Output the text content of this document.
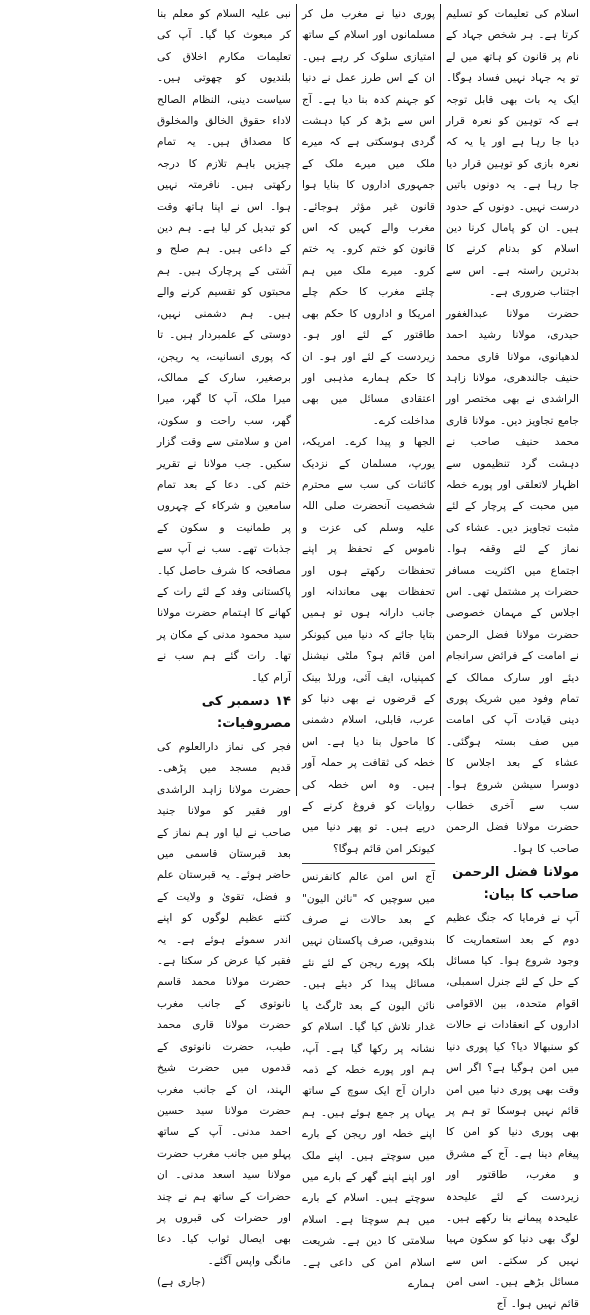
اسلام کی تعلیمات کو تسلیم کرتا ہے۔ ہر شخص جہاد کے نام پر قانون کو ہاتھ میں لے تو یہ جہاد نہیں فساد ہوگا۔ ایک یہ بات بھی قابل توجہ ہے کہ توہین کو نعرہ قرار دیا جا رہا ہے اور یا یہ کہ نعرہ بازی کو توہین قرار دیا جا رہا ہے۔ یہ دونوں باتیں درست نہیں۔ دونوں کے حدود ہیں۔ ان کو پامال کرنا دین اسلام کو بدنام کرنے کا بدترین راستہ ہے۔ اس سے اجتناب ضروری ہے۔

حضرت مولانا عبدالغفور حیدری، مولانا رشید احمد لدھیانوی، مولانا قاری محمد حنیف جالندھری، مولانا زاہد الراشدی نے بھی مختصر اور جامع تجاویز دیں۔ مولانا قاری محمد حنیف صاحب نے دہشت گرد تنظیموں سے اظہار لاتعلقی اور پورے خطہ میں محبت کے پرچار کے لئے مثبت تجاویز دیں۔ عشاء کی نماز کے لئے وقفہ ہوا۔ اجتماع میں اکثریت مسافر حضرات پر مشتمل تھی۔ اس اجلاس کے مہمان خصوصی حضرت مولانا فضل الرحمن نے امامت کے فرائض سرانجام دیئے اور سارک ممالک کے تمام وفود میں شریک پوری دینی قیادت آپ کی امامت میں صف بستہ ہوگئی۔ عشاء کے بعد اجلاس کا دوسرا سیشن شروع ہوا۔ سب سے آخری خطاب حضرت مولانا فضل الرحمن صاحب کا ہوا۔

مولانا فضل الرحمن صاحب کا بیان:

آپ نے فرمایا کہ جنگ عظیم دوم کے بعد استعماریت کا وجود شروع ہوا۔ کیا مسائل کے حل کے لئے جنرل اسمبلی، اقوام متحدہ، بین الاقوامی اداروں کے انعقادات نے حالات کو سنبھالا دیا؟ کیا پوری دنیا میں امن ہوگیا ہے؟ اگر اس وقت بھی پوری دنیا میں امن قائم نہیں ہوسکا تو ہم پر بھی پوری دنیا کو امن کا پیغام دینا ہے۔ آج کے مشرق و مغرب، طاقتور اور زیردست کے لئے علیحدہ علیحدہ پیمانے بنا رکھے ہیں۔ لوگ بھی دنیا کو سکون مہیا نہیں کر سکتے۔ اس سے مسائل بڑھے ہیں۔ اسی امن قائم نہیں ہوا۔ آج

پوری دنیا نے مغرب مل کر مسلمانوں اور اسلام کے ساتھ امتیازی سلوک کر رہے ہیں۔ ان کے اس طرز عمل نے دنیا کو جہنم کدہ بنا دیا ہے۔ آج اس سے بڑھ کر کیا دہشت گردی ہوسکتی ہے کہ میرے ملک میں میرے ملک کے جمہوری اداروں کا بنایا ہوا قانون غیر مؤثر ہوجائے۔ مغرب والے کہیں کہ اس قانون کو ختم کرو۔ یہ ختم کرو۔ میرے ملک میں ہم چلتے مغرب کا حکم چلے امریکا و اداروں کا حکم بھی طاقتور کے لئے اور ہو۔ زیردست کے لئے اور ہو۔ ان کا حکم ہمارے مذہبی اور اعتقادی مسائل میں بھی مداخلت کرے۔

الجھا و پیدا کرے۔ امریکہ، یورپ، مسلمان کے نزدیک کائنات کی سب سے محترم شخصیت آنحضرت صلی اللہ علیہ وسلم کی عزت و ناموس کے تحفظ پر اپنے تحفظات رکھتے ہوں اور تحفظات بھی معاندانہ اور جانب دارانہ ہوں تو ہمیں بتایا جائے کہ دنیا میں کیونکر امن قائم ہو؟ ملٹی نیشنل کمپنیاں، ایف آئی، ورلڈ بینک کے قرضوں نے بھی دنیا کو عرب، قابلی، اسلام دشمنی کا ماحول بنا دیا ہے۔ اس خطہ کی ثقافت پر حملہ آور ہیں۔ وہ اس خطہ کی روایات کو فروغ کرنے کے درپے ہیں۔ تو پھر دنیا میں کیونکر امن قائم ہوگا؟

آج اس امن عالم کانفرنس میں سوچیں کہ "نائن الیون" کے بعد حالات نے صرف بندوقیں، صرف پاکستان نہیں بلکہ پورے ریجن کے لئے نئے مسائل پیدا کر دیئے ہیں۔ نائن الیون کے بعد ٹارگٹ یا غدار تلاش کیا گیا۔ اسلام کو نشانہ پر رکھا گیا ہے۔ آپ، ہم اور پورے خطہ کے ذمہ داران آج ایک سوچ کے ساتھ یہاں پر جمع ہوئے ہیں۔ ہم اپنے خطہ اور ریجن کے بارے میں سوچتے ہیں۔ اپنے ملک اور اپنے اپنے گھر کے بارے میں سوچتے ہیں۔ اسلام کے بارے میں ہم سوچتا ہے۔ اسلام سلامتی کا دین ہے۔ شریعت اسلام امن کی داعی ہے۔ ہمارے

نبی علیہ السلام کو معلم بنا کر مبعوث کیا گیا۔ آپ کی تعلیمات مکارم اخلاق کی بلندیوں کو چھوتی ہیں۔ سیاست دینی، النظام الصالح لاداء حقوق الخالق والمخلوق کا مصداق ہیں۔ یہ تمام چیزیں باہم تلازم کا درجہ رکھتی ہیں۔ نافرمتہ نہیں ہوا۔ اس نے اپنا ہاتھ وقت کو تبدیل کر لیا ہے۔ ہم دین کے داعی ہیں۔ ہم صلح و آشتی کے پرچارک ہیں۔ ہم محبتوں کو تقسیم کرنے والے ہیں۔ ہم دشمنی نہیں، دوستی کے علمبردار ہیں۔ تا کہ پوری انسانیت، یہ ریجن، برصغیر، سارک کے ممالک، میرا ملک، آپ کا گھر، میرا گھر، سب راحت و سکون، امن و سلامتی سے وقت گزار سکیں۔ جب مولانا نے تقریر ختم کی۔ دعا کے بعد تمام سامعین و شرکاء کے چہروں پر طمانیت و سکون کے جذبات تھے۔ سب نے آپ سے مصافحہ کا شرف حاصل کیا۔ پاکستانی وفد کے لئے رات کے کھانے کا اہتمام حضرت مولانا سید محمود مدنی کے مکان پر تھا۔ رات گئے ہم سب نے آرام کیا۔

۱۴ دسمبر کی مصروفیات:

فجر کی نماز دارالعلوم کی قدیم مسجد میں پڑھی۔ حضرت مولانا زاہد الراشدی اور فقیر کو مولانا جنید صاحب نے لیا اور ہم نماز کے بعد قبرستان قاسمی میں حاضر ہوئے۔ یہ قبرستان علم و فضل، تقویٰ و ولایت کے کتنے عظیم لوگوں کو اپنے اندر سموئے ہوئے ہے۔ یہ فقیر کیا عرض کر سکتا ہے۔ حضرت مولانا محمد قاسم نانوتوی کے جانب مغرب حضرت مولانا قاری محمد طیب، حضرت نانوتوی کے قدموں میں حضرت شیخ الہند، ان کے جانب مغرب حضرت مولانا سید حسین احمد مدنی۔ آپ کے ساتھ پہلو میں جانب مغرب حضرت مولانا سید اسعد مدنی۔ ان حضرات کے ساتھ ہم نے چند اور حضرات کی قبروں پر بھی ایصال ثواب کیا۔ دعا مانگی واپس آگئے۔

(جاری ہے)
